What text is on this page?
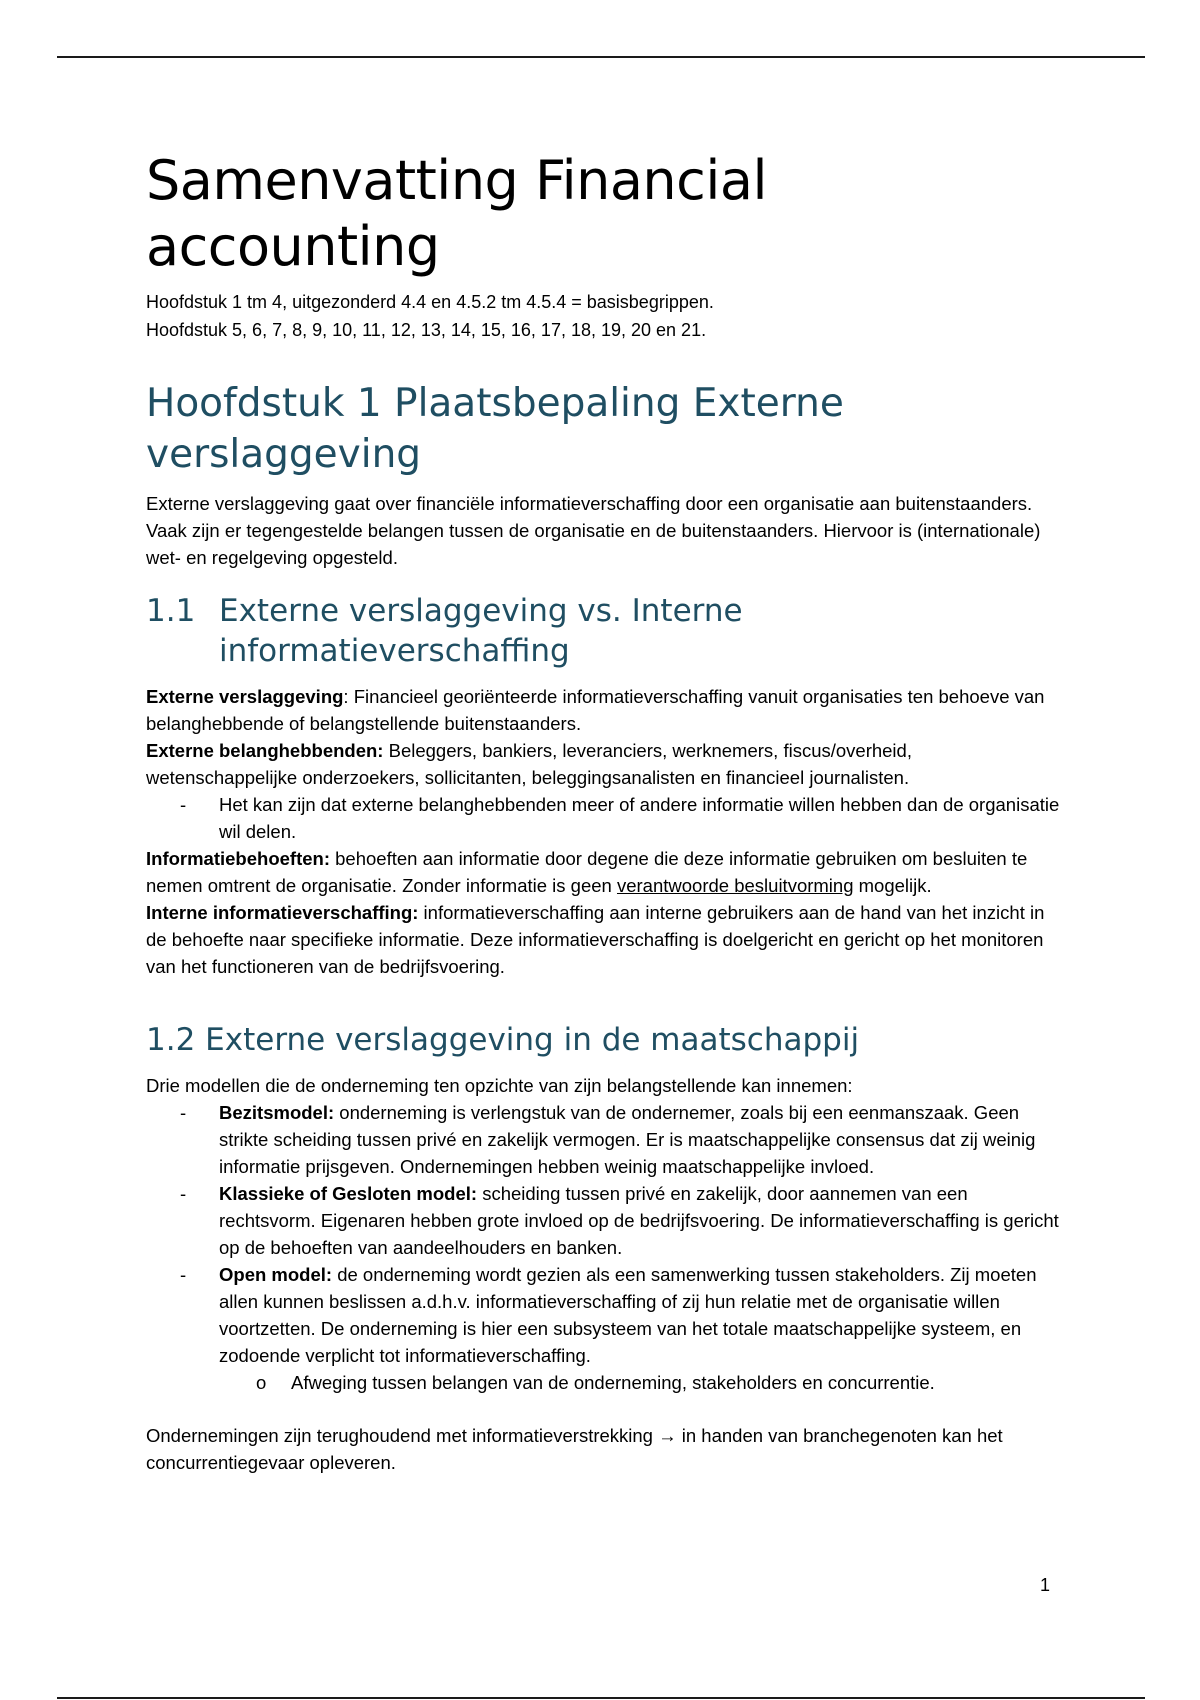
Samenvatting Financial accounting

Hoofdstuk 1 tm 4, uitgezonderd 4.4 en 4.5.2 tm 4.5.4 = basisbegrippen.

Hoofdstuk 5, 6, 7, 8, 9, 10, 11, 12, 13, 14, 15, 16, 17, 18, 19, 20 en 21.

Hoofdstuk 1 Plaatsbepaling Externe verslaggeving

Externe verslaggeving gaat over financiële informatieverschaffing door een organisatie aan buitenstaanders. Vaak zijn er tegengestelde belangen tussen de organisatie en de buitenstaanders. Hiervoor is (internationale) wet- en regelgeving opgesteld.

1.1 Externe verslaggeving vs. Interne informatieverschaffing

Externe verslaggeving: Financieel georiënteerde informatieverschaffing vanuit organisaties ten behoeve van belanghebbende of belangstellende buitenstaanders.

Externe belanghebbenden: Beleggers, bankiers, leveranciers, werknemers, fiscus/overheid, wetenschappelijke onderzoekers, sollicitanten, beleggingsanalisten en financieel journalisten.

-	Het kan zijn dat externe belanghebbenden meer of andere informatie willen hebben dan de organisatie wil delen.

Informatiebehoeften: behoeften aan informatie door degene die deze informatie gebruiken om besluiten te nemen omtrent de organisatie. Zonder informatie is geen verantwoorde besluitvorming mogelijk.

Interne informatieverschaffing: informatieverschaffing aan interne gebruikers aan de hand van het inzicht in de behoefte naar specifieke informatie. Deze informatieverschaffing is doelgericht en gericht op het monitoren van het functioneren van de bedrijfsvoering.

1.2 Externe verslaggeving in de maatschappij

Drie modellen die de onderneming ten opzichte van zijn belangstellende kan innemen:

-	Bezitsmodel: onderneming is verlengstuk van de ondernemer, zoals bij een eenmanszaak. Geen strikte scheiding tussen privé en zakelijk vermogen. Er is maatschappelijke consensus dat zij weinig informatie prijsgeven. Ondernemingen hebben weinig maatschappelijke invloed.
-	Klassieke of Gesloten model: scheiding tussen privé en zakelijk, door aannemen van een rechtsvorm. Eigenaren hebben grote invloed op de bedrijfsvoering. De informatieverschaffing is gericht op de behoeften van aandeelhouders en banken.
-	Open model: de onderneming wordt gezien als een samenwerking tussen stakeholders. Zij moeten allen kunnen beslissen a.d.h.v. informatieverschaffing of zij hun relatie met de organisatie willen voortzetten. De onderneming is hier een subsysteem van het totale maatschappelijke systeem, en zodoende verplicht tot informatieverschaffing.
o	Afweging tussen belangen van de onderneming, stakeholders en concurrentie.

Ondernemingen zijn terughoudend met informatieverstrekking → in handen van branchegenoten kan het concurrentiegevaar opleveren.

1
